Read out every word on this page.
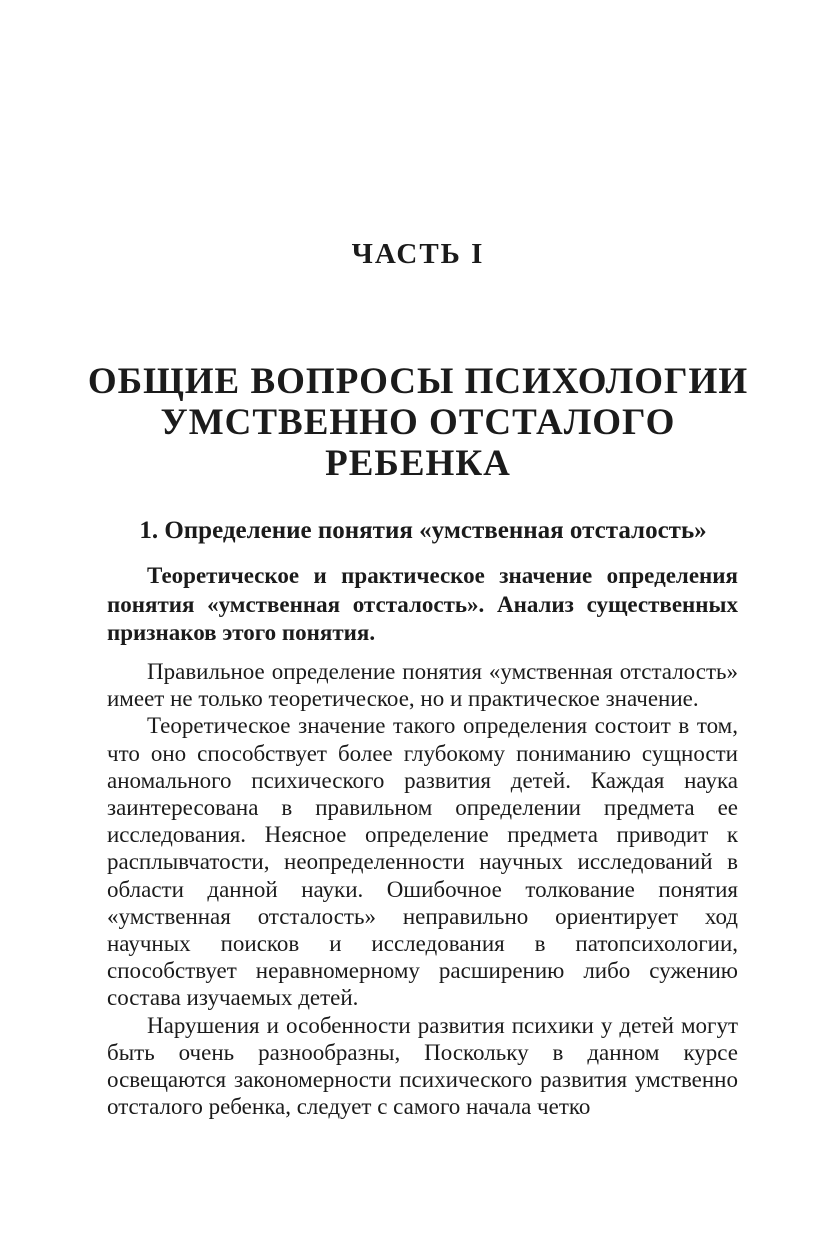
ЧАСТЬ I
ОБЩИЕ ВОПРОСЫ ПСИХОЛОГИИ
УМСТВЕННО ОТСТАЛОГО
РЕБЕНКА
1. Определение понятия «умственная отсталость»
Теоретическое и практическое значение определения понятия «умственная отсталость». Анализ существенных признаков этого понятия.

Правильное определение понятия «умственная отсталость» имеет не только теоретическое, но и практическое значение.

Теоретическое значение такого определения состоит в том, что оно способствует более глубокому пониманию сущности аномального психического развития детей. Каждая наука заинтересована в правильном определении предмета ее исследования. Неясное определение предмета приводит к расплывчатости, неопределенности научных исследований в области данной науки. Ошибочное толкование понятия «умственная отсталость» неправильно ориентирует ход научных поисков и исследования в патопсихологии, способствует неравномерному расширению либо сужению состава изучаемых детей.

Нарушения и особенности развития психики у детей могут быть очень разнообразны, Поскольку в данном курсе освещаются закономерности психического развития умственно отсталого ребенка, следует с самого начала четко
